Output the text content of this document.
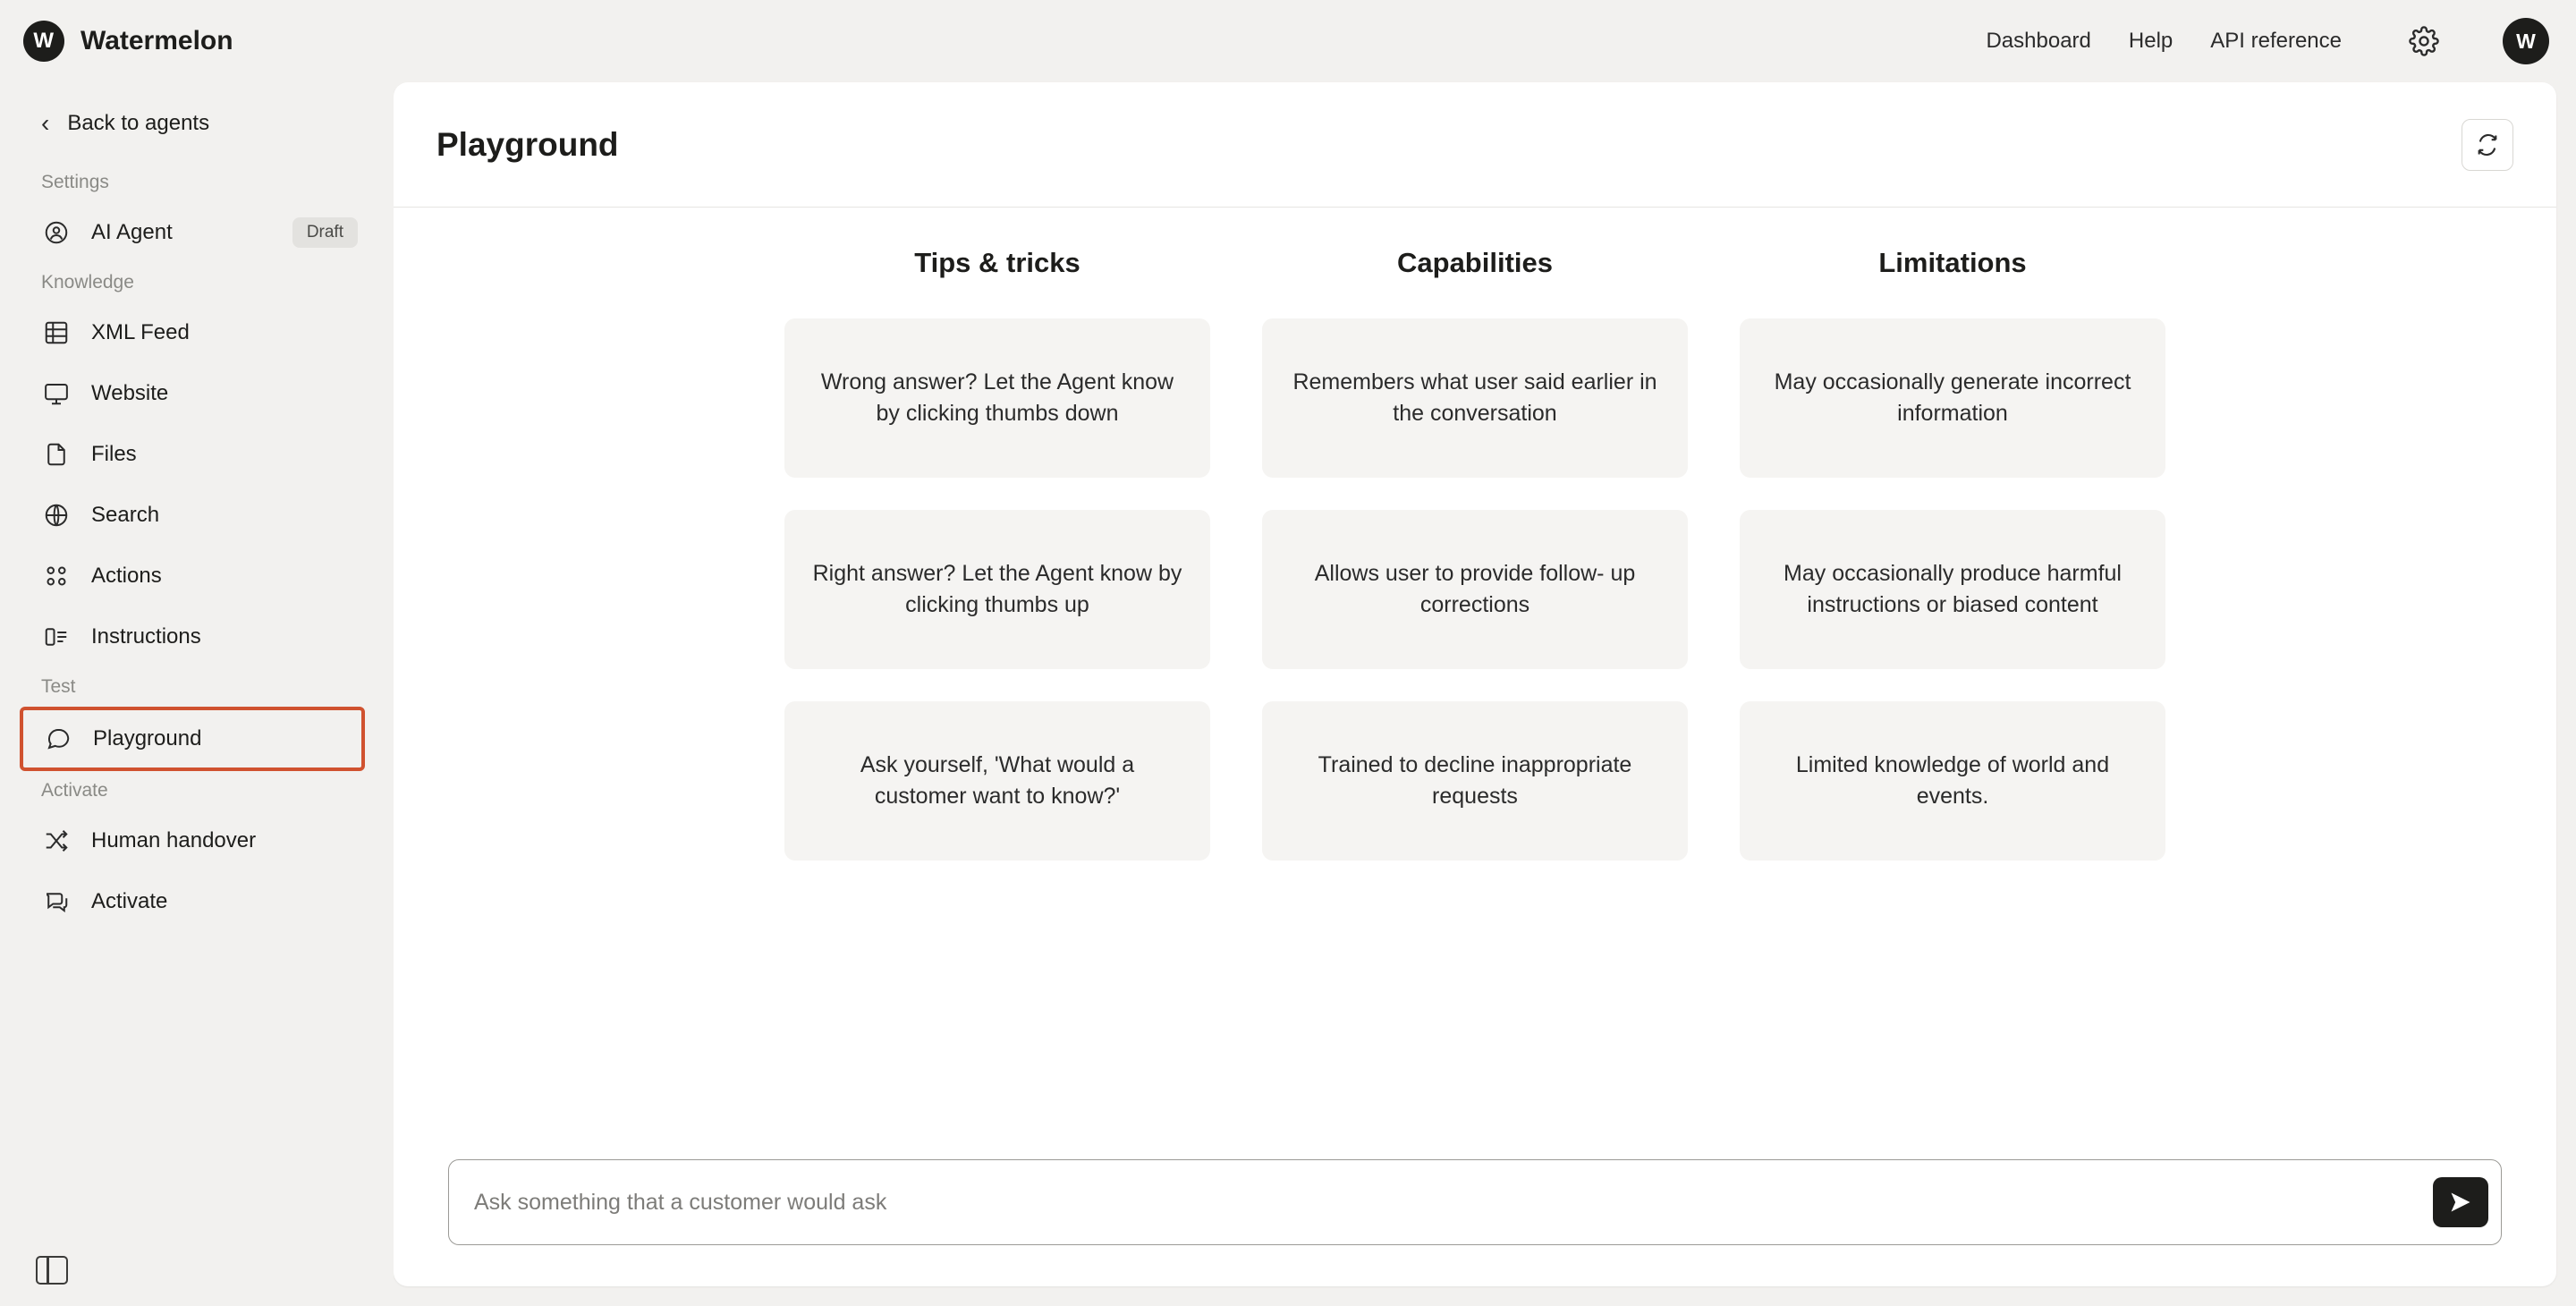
W Watermelon	Dashboard Help API reference	W
‹ Back to agents
Settings
AI Agent	Draft
Knowledge
XML Feed
Website
Files
Search
Actions
Instructions
Test
Playground
Activate
Human handover
Activate
Playground
Tips & tricks
Wrong answer? Let the Agent know by clicking thumbs down
Right answer? Let the Agent know by clicking thumbs up
Ask yourself, 'What would a customer want to know?'
Capabilities
Remembers what user said earlier in the conversation
Allows user to provide follow- up corrections
Trained to decline inappropriate requests
Limitations
May occasionally generate incorrect information
May occasionally produce harmful instructions or biased content
Limited knowledge of world and events.
Ask something that a customer would ask
